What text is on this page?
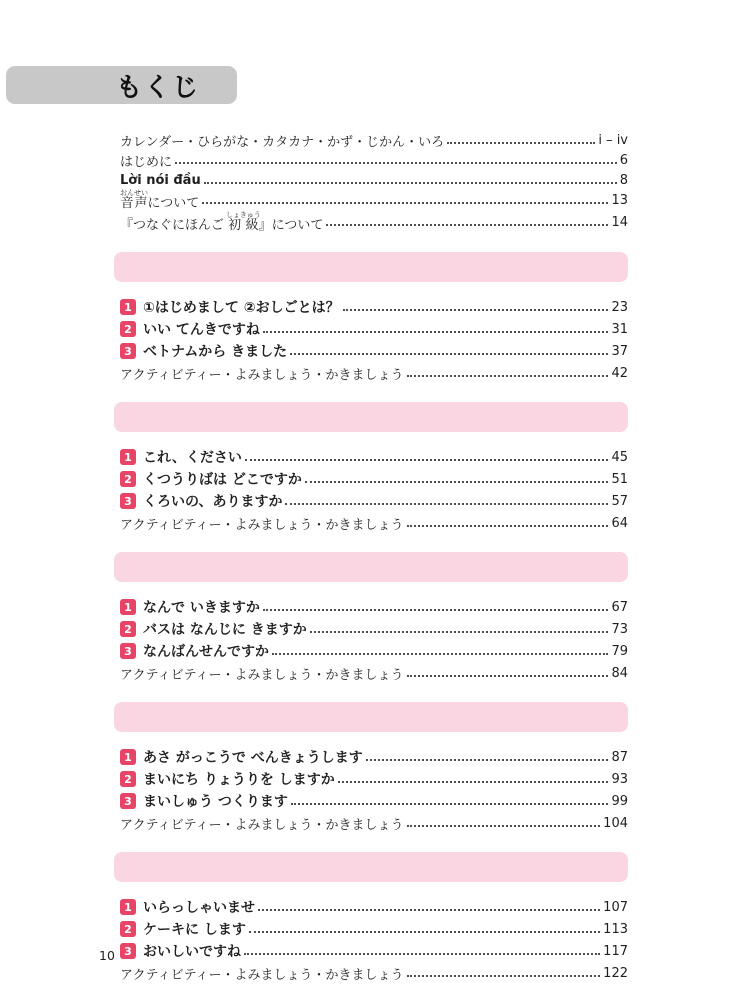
もくじ
カレンダー・ひらがな・カタカナ・かず・じかん・いろ	i – iv
はじめに	6
Lời nói đầu	8
音声おんせいについて	13
『つなぐにほんご 初級しょきゅう』について	14
1 ①はじめまして ②おしごとは？	23
2 いい てんきですね	31
3 ベトナムから きました	37
アクティビティー・よみましょう・かきましょう	42
1 これ、ください	45
2 くつうりばは どこですか	51
3 くろいの、ありますか	57
アクティビティー・よみましょう・かきましょう	64
1 なんで いきますか	67
2 バスは なんじに きますか	73
3 なんばんせんですか	79
アクティビティー・よみましょう・かきましょう	84
1 あさ がっこうで べんきょうします	87
2 まいにち りょうりを しますか	93
3 まいしゅう つくります	99
アクティビティー・よみましょう・かきましょう	104
1 いらっしゃいませ	107
2 ケーキに します	113
3 おいしいですね	117
アクティビティー・よみましょう・かきましょう	122
10
